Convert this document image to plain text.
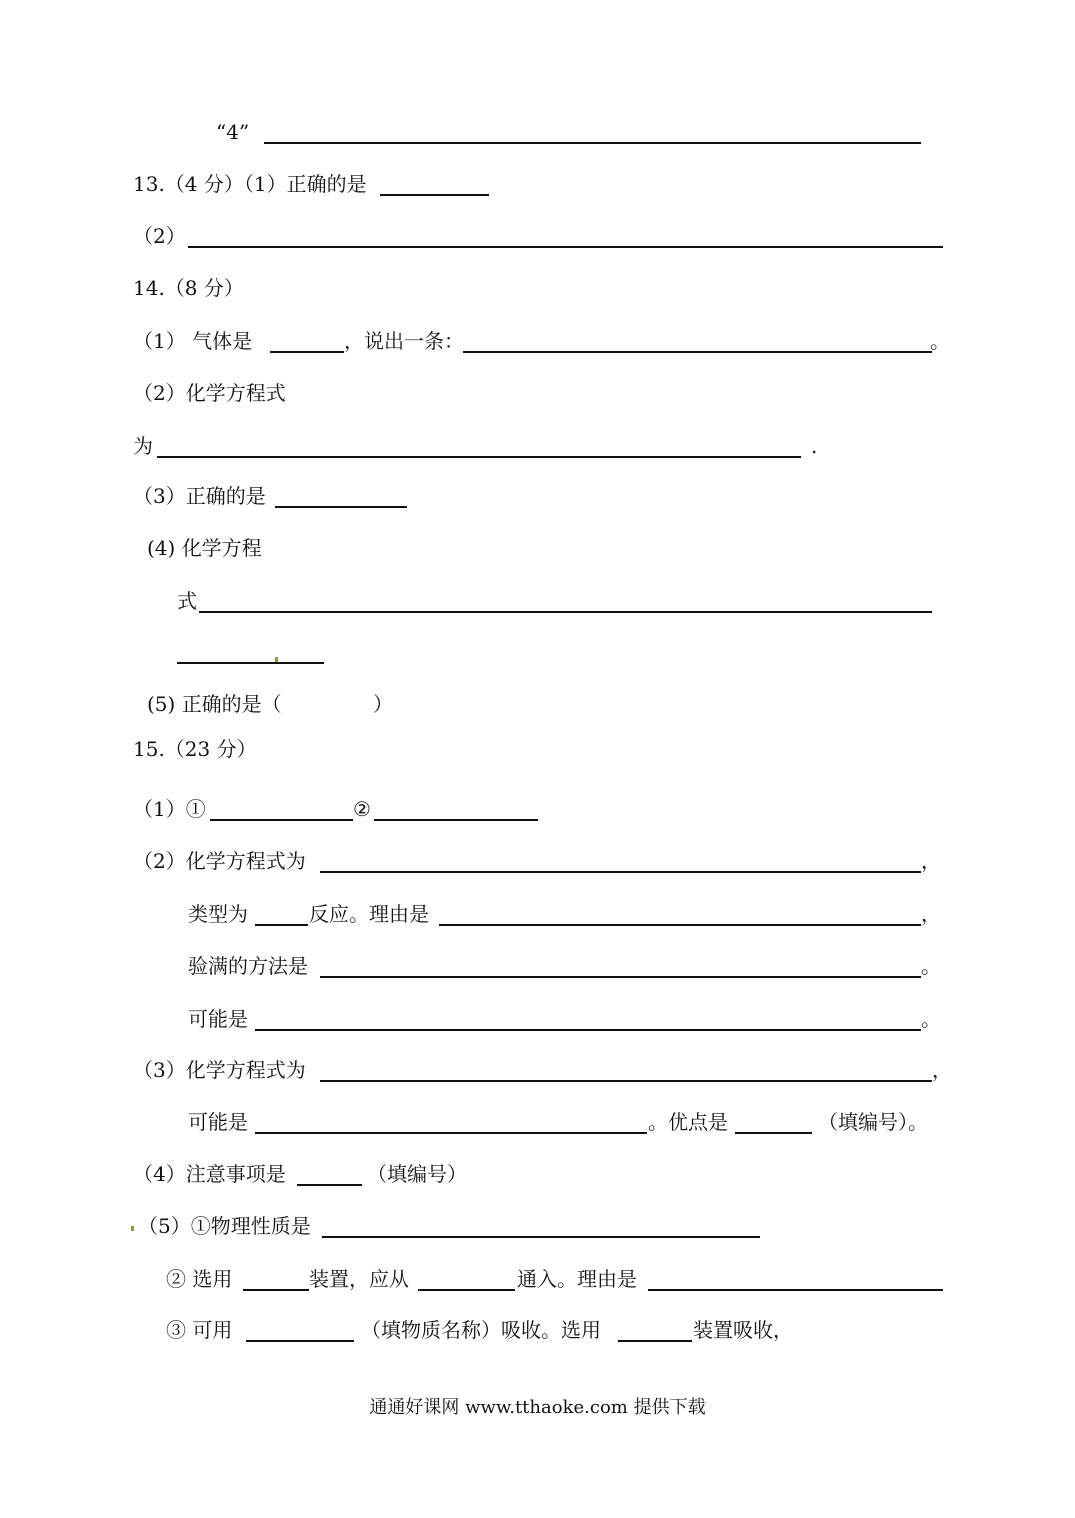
“4”
13.（4 分）（1）正确的是
（2）
14.（8 分）
（1） 气体是	，说出一条：	。
（2）化学方程式
为	.
（3）正确的是
(4) 化学方程
式
(5) 正确的是（	）
15.（23 分）
（1）①	②
（2）化学方程式为	，
类型为	反应。理由是	，
验满的方法是	。
可能是	。
（3）化学方程式为	，
可能是	。优点是	（填编号）。
（4）注意事项是	（填编号）
（5）①物理性质是
② 选用	装置，应从	通入。理由是
③ 可用	（填物质名称）吸收。选用	装置吸收，
通通好课网 www.tthaoke.com 提供下载
